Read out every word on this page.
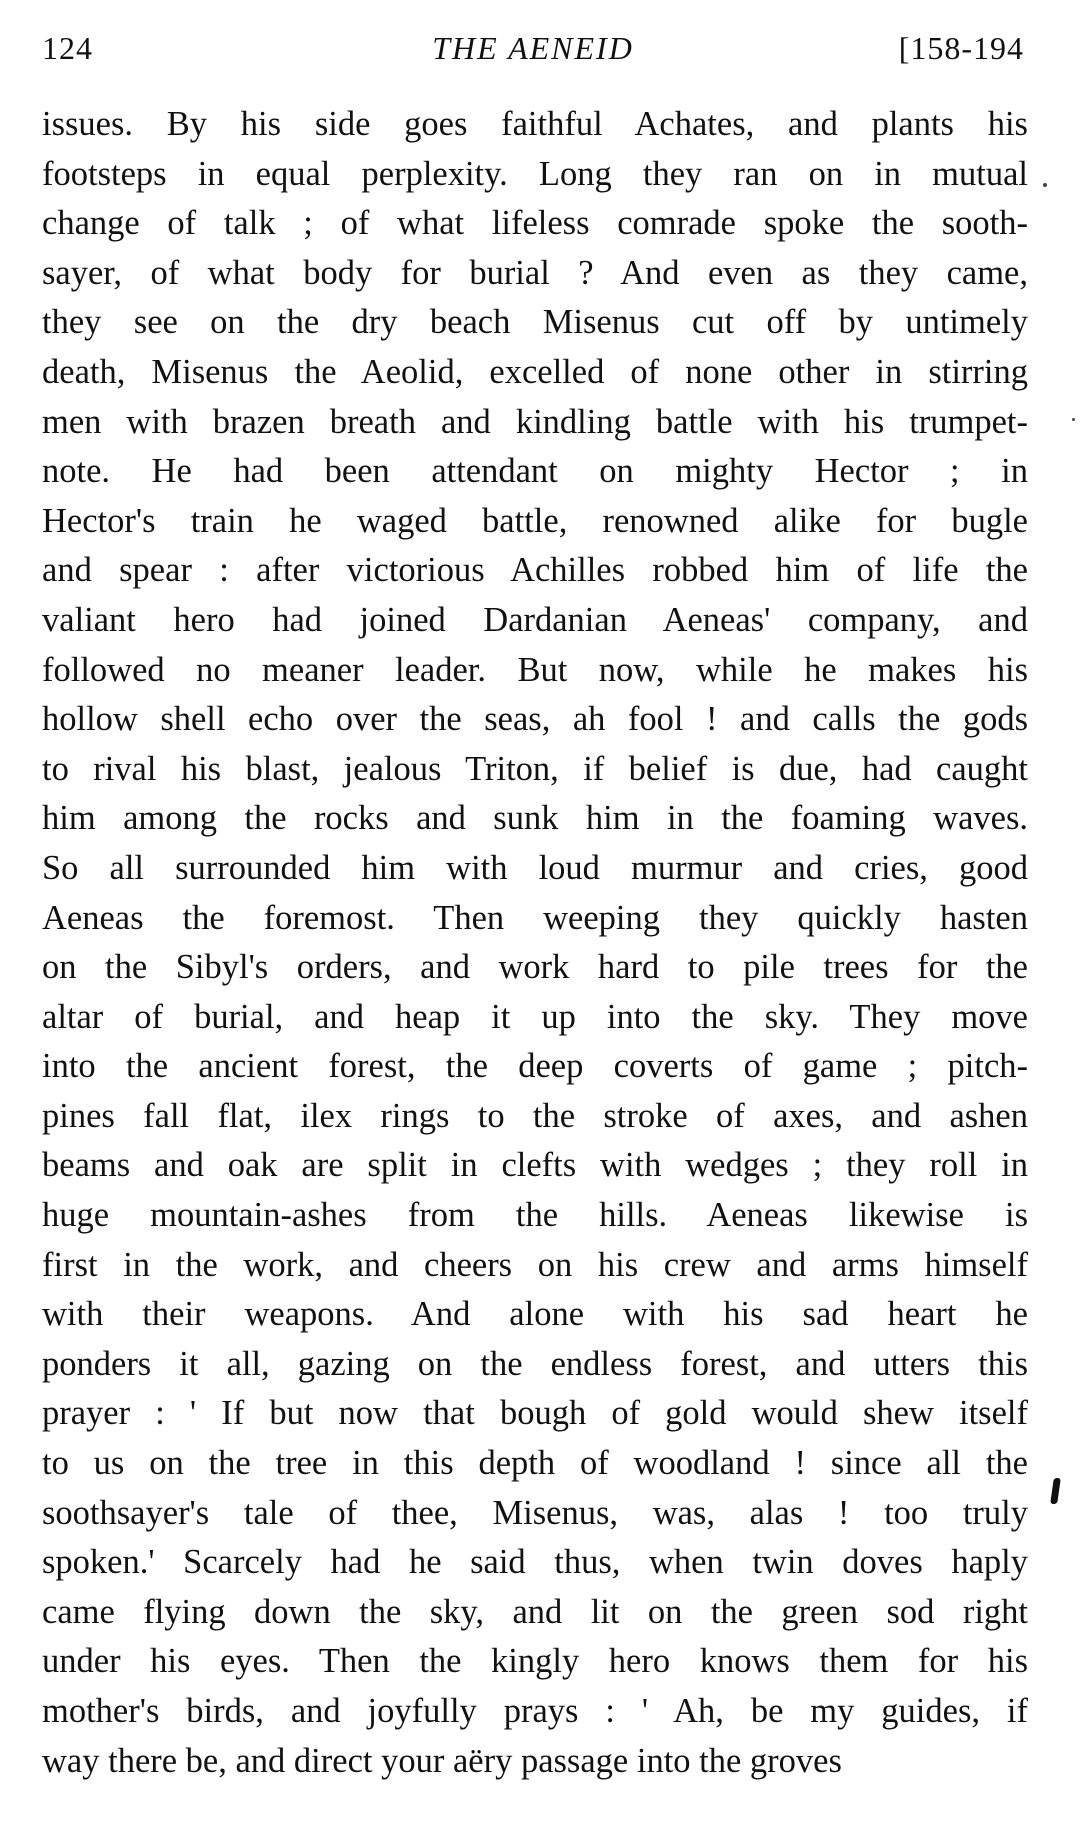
124	THE AENEID	[158-194
issues. By his side goes faithful Achates, and plants his
footsteps in equal perplexity. Long they ran on in mutual
change of talk ; of what lifeless comrade spoke the sooth-
sayer, of what body for burial ? And even as they came,
they see on the dry beach Misenus cut off by untimely
death, Misenus the Aeolid, excelled of none other in stirring
men with brazen breath and kindling battle with his trumpet-
note. He had been attendant on mighty Hector ; in
Hector's train he waged battle, renowned alike for bugle
and spear : after victorious Achilles robbed him of life the
valiant hero had joined Dardanian Aeneas' company, and
followed no meaner leader. But now, while he makes his
hollow shell echo over the seas, ah fool ! and calls the gods
to rival his blast, jealous Triton, if belief is due, had caught
him among the rocks and sunk him in the foaming waves.
So all surrounded him with loud murmur and cries, good
Aeneas the foremost. Then weeping they quickly hasten
on the Sibyl's orders, and work hard to pile trees for the
altar of burial, and heap it up into the sky. They move
into the ancient forest, the deep coverts of game ; pitch-
pines fall flat, ilex rings to the stroke of axes, and ashen
beams and oak are split in clefts with wedges ; they roll in
huge mountain-ashes from the hills. Aeneas likewise is
first in the work, and cheers on his crew and arms himself
with their weapons. And alone with his sad heart he
ponders it all, gazing on the endless forest, and utters this
prayer : ' If but now that bough of gold would shew itself
to us on the tree in this depth of woodland ! since all the
soothsayer's tale of thee, Misenus, was, alas ! too truly
spoken.' Scarcely had he said thus, when twin doves haply
came flying down the sky, and lit on the green sod right
under his eyes. Then the kingly hero knows them for his
mother's birds, and joyfully prays : ' Ah, be my guides, if
way there be, and direct your aëry passage into the groves
